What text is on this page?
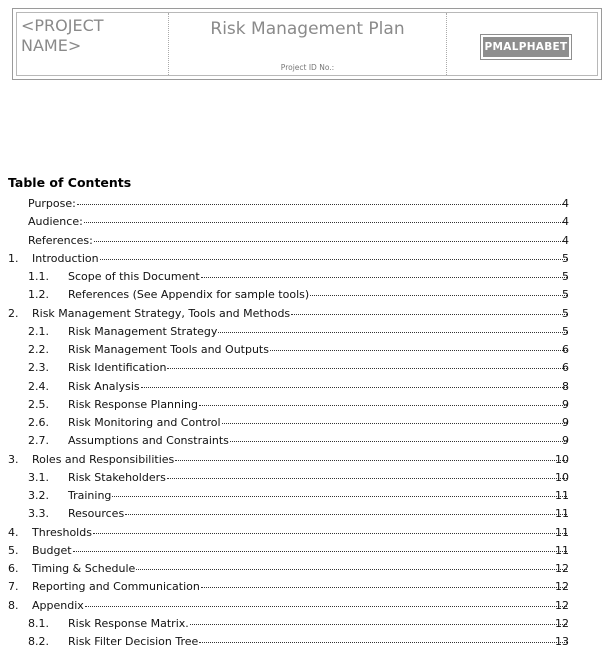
<PROJECT NAME>
Risk Management Plan
Project ID No.:
PMALPHABET
Table of Contents
Purpose:	4
Audience:	4
References:	4
1. Introduction	5
1.1. Scope of this Document	5
1.2. References (See Appendix for sample tools)	5
2. Risk Management Strategy, Tools and Methods	5
2.1. Risk Management Strategy	5
2.2. Risk Management Tools and Outputs	6
2.3. Risk Identification	6
2.4. Risk Analysis	8
2.5. Risk Response Planning	9
2.6. Risk Monitoring and Control	9
2.7. Assumptions and Constraints	9
3. Roles and Responsibilities	10
3.1. Risk Stakeholders	10
3.2. Training	11
3.3. Resources	11
4. Thresholds	11
5. Budget	11
6. Timing & Schedule	12
7. Reporting and Communication	12
8. Appendix	12
8.1. Risk Response Matrix.	12
8.2. Risk Filter Decision Tree	13
